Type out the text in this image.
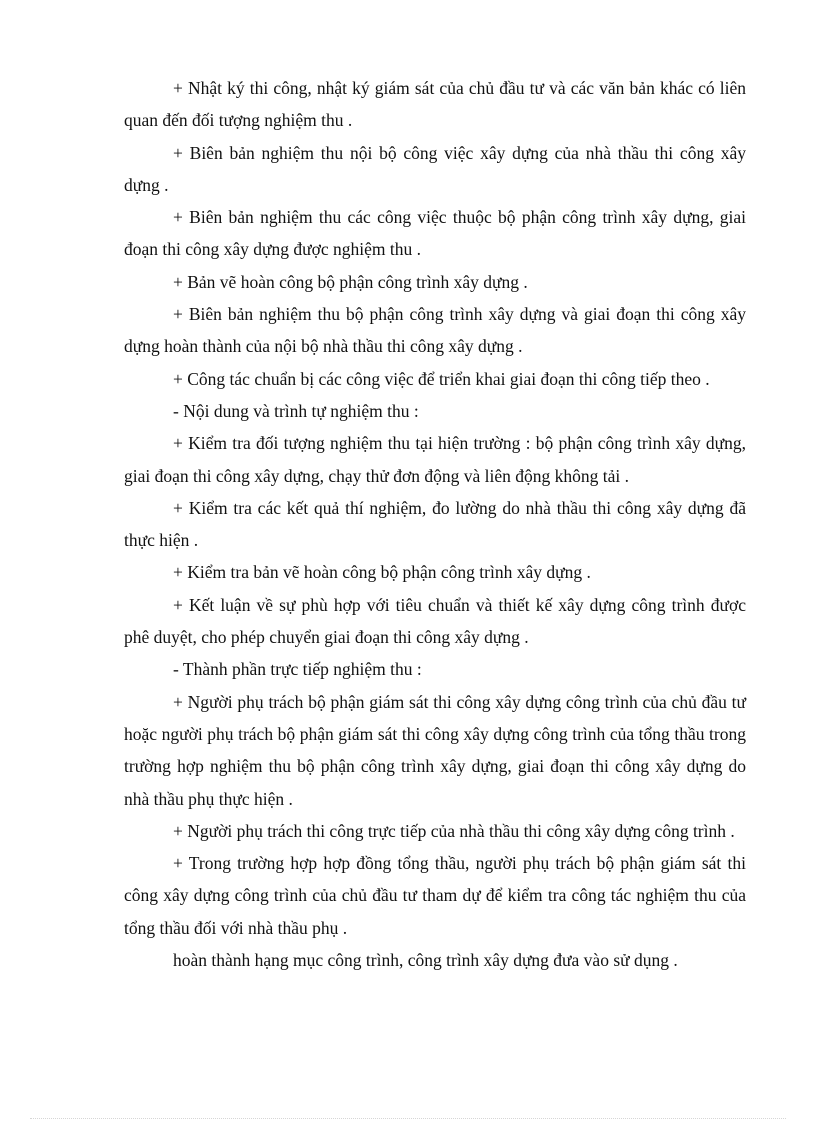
+ Nhật ký thi công, nhật ký giám sát của chủ đầu tư và các văn bản khác có liên quan đến đối tượng nghiệm thu .

+ Biên bản nghiệm thu nội bộ công việc xây dựng của nhà thầu thi công xây dựng .

+ Biên bản nghiệm thu các công việc thuộc bộ phận công trình xây dựng, giai đoạn thi công xây dựng được nghiệm thu .

+ Bản vẽ hoàn công bộ phận công trình xây dựng .

+ Biên bản nghiệm thu bộ phận công trình xây dựng và giai đoạn thi công xây dựng hoàn thành của nội bộ nhà thầu thi công xây dựng .

+ Công tác chuẩn bị các công việc để triển khai giai đoạn thi công tiếp theo .

- Nội dung và trình tự nghiệm thu :

+ Kiểm tra đối tượng nghiệm thu tại hiện trường : bộ phận công trình xây dựng, giai đoạn thi công xây dựng, chạy thử đơn động và liên động không tải .

+ Kiểm tra các kết quả thí nghiệm, đo lường do nhà thầu thi công xây dựng đã thực hiện .

+ Kiểm tra bản vẽ hoàn công bộ phận công trình xây dựng .

+ Kết luận về sự phù hợp với tiêu chuẩn và thiết kế xây dựng công trình được phê duyệt, cho phép chuyển giai đoạn thi công xây dựng .

- Thành phần trực tiếp nghiệm thu :

+ Người phụ trách bộ phận giám sát thi công xây dựng công trình của chủ đầu tư hoặc người phụ trách bộ phận giám sát thi công xây dựng công trình của tổng thầu trong trường hợp nghiệm thu bộ phận công trình xây dựng, giai đoạn thi công xây dựng do nhà thầu phụ thực hiện .

+ Người phụ trách thi công trực tiếp của nhà thầu thi công xây dựng công trình .

+ Trong trường hợp hợp đồng tổng thầu, người phụ trách bộ phận giám sát thi công xây dựng công trình của chủ đầu tư tham dự để kiểm tra công tác nghiệm thu của tổng thầu đối với nhà thầu phụ .

hoàn thành hạng mục công trình, công trình xây dựng đưa vào sử dụng .
